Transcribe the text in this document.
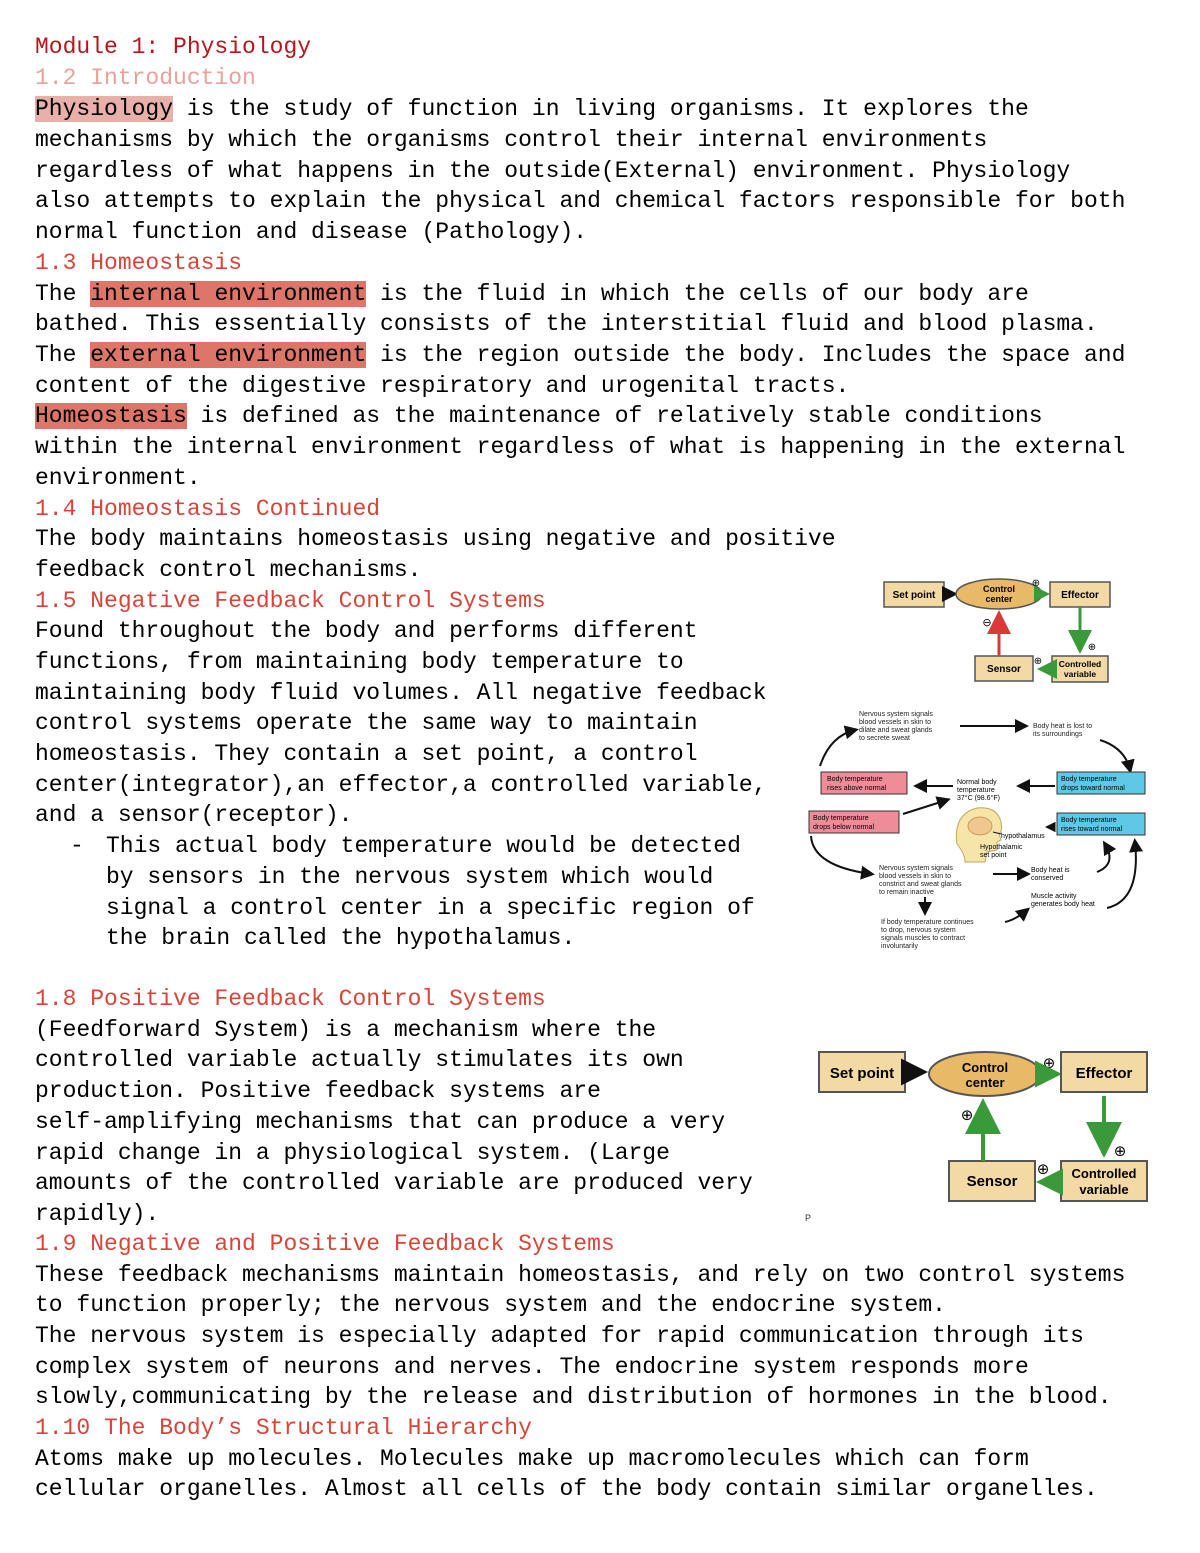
Module 1: Physiology
1.2 Introduction
Physiology is the study of function in living organisms. It explores the
mechanisms by which the organisms control their internal environments
regardless of what happens in the outside(External) environment. Physiology
also attempts to explain the physical and chemical factors responsible for both
normal function and disease (Pathology).
1.3 Homeostasis
The internal environment is the fluid in which the cells of our body are
bathed. This essentially consists of the interstitial fluid and blood plasma.
The external environment is the region outside the body. Includes the space and
content of the digestive respiratory and urogenital tracts.
Homeostasis is defined as the maintenance of relatively stable conditions
within the internal environment regardless of what is happening in the external
environment.
1.4 Homeostasis Continued
The body maintains homeostasis using negative and positive
feedback control mechanisms.
1.5 Negative Feedback Control Systems
Found throughout the body and performs different
functions, from maintaining body temperature to
maintaining body fluid volumes. All negative feedback
control systems operate the same way to maintain
homeostasis. They contain a set point, a control
center(integrator),an effector,a controlled variable,
and a sensor(receptor).
- This actual body temperature would be detected
by sensors in the nervous system which would
signal a control center in a specific region of
the brain called the hypothalamus.
1.8 Positive Feedback Control Systems
(Feedforward System) is a mechanism where the
controlled variable actually stimulates its own
production. Positive feedback systems are
self-amplifying mechanisms that can produce a very
rapid change in a physiological system. (Large
amounts of the controlled variable are produced very
rapidly).	P
1.9 Negative and Positive Feedback Systems
These feedback mechanisms maintain homeostasis, and rely on two control systems
to function properly; the nervous system and the endocrine system.
The nervous system is especially adapted for rapid communication through its
complex system of neurons and nerves. The endocrine system responds more
slowly,communicating by the release and distribution of hormones in the blood.
1.10 The Body’s Structural Hierarchy
Atoms make up molecules. Molecules make up macromolecules which can form
cellular organelles. Almost all cells of the body contain similar organelles.
Set point
Control
center
⊕
Effector
⊕
Controlled
variable
⊕
Sensor
⊖
Nervous system signals
blood vessels in skin to
dilate and sweat glands
to secrete sweat
Body heat is lost to
its surroundings
Body temperature
rises above normal
Normal body
temperature
37°C (98.6°F)
Body temperature
drops toward normal
Body temperature
drops below normal
hypothalamus
Body temperature
rises toward normal
Hypothalamic
set point
Nervous system signals
blood vessels in skin to
constrict and sweat glands
to remain inactive
Body heat is
conserved
Muscle activity
generates body heat
If body temperature continues
to drop, nervous system
signals muscles to contract
involuntarily
Set point	Control
center
⊕
Effector
⊕
Controlled
variable
⊕
Sensor
⊕
